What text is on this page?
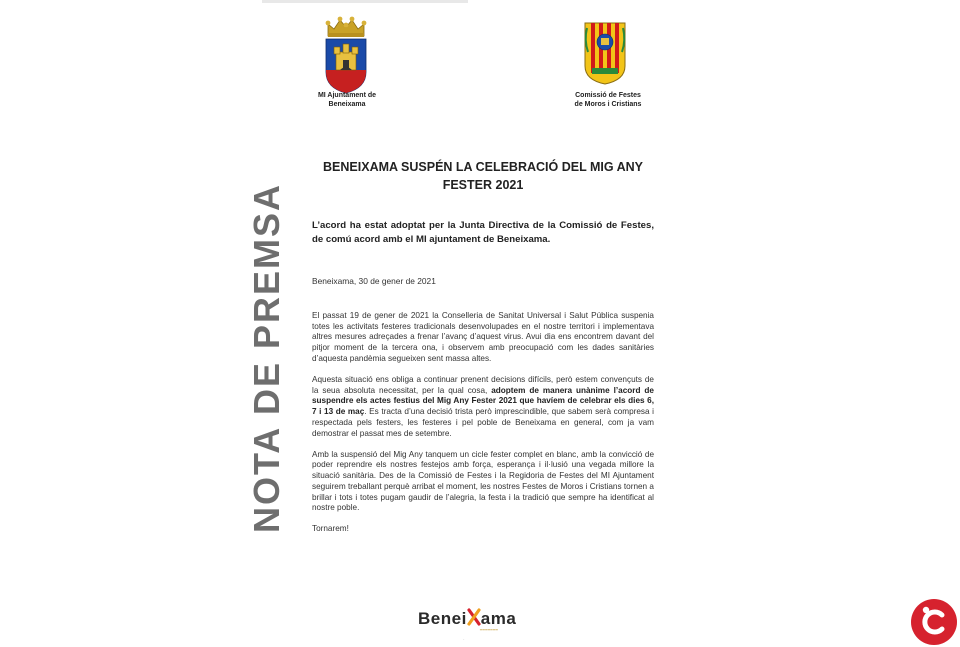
MI Ajuntament de
Beneixama
Comissió de Festes
de Moros i Cristians
NOTA DE PREMSA
BENEIXAMA SUSPÉN LA CELEBRACIÓ DEL MIG ANY
FESTER 2021
L’acord ha estat adoptat per la Junta Directiva de la Comissió de Festes, de comú acord amb el MI ajuntament de Beneixama.
Beneixama, 30 de gener de 2021

El passat 19 de gener de 2021 la Conselleria de Sanitat Universal i Salut Pública suspenia totes les activitats festeres tradicionals desenvolupades en el nostre territori i implementava altres mesures adreçades a frenar l’avanç d’aquest virus. Avui dia ens encontrem davant del pitjor moment de la tercera ona, i observem amb preocupació com les dades sanitàries d’aquesta pandèmia segueixen sent massa altes.

Aquesta situació ens obliga a continuar prenent decisions difícils, però estem convençuts de la seua absoluta necessitat, per la qual cosa, adoptem de manera unànime l’acord de suspendre els actes festius del Mig Any Fester 2021 que havíem de celebrar els dies 6, 7 i 13 de maç. Es tracta d’una decisió trista però imprescindible, que sabem serà compresa i respectada pels festers, les festeres i pel poble de Beneixama en general, com ja vam demostrar el passat mes de setembre.

Amb la suspensió del Mig Any tanquem un cicle fester complet en blanc, amb la convicció de poder reprendre els nostres festejos amb força, esperança i il·lusió una vegada millore la situació sanitària. Des de la Comissió de Festes i la Regidoria de Festes del MI Ajuntament seguirem treballant perquè arribat el moment, les nostres Festes de Moros i Cristians tornen a brillar i tots i totes pugam gaudir de l’alegria, la festa i la tradició que sempre ha identificat al nostre poble.

Tornarem!

Benei ama
━━━━━━━
·
